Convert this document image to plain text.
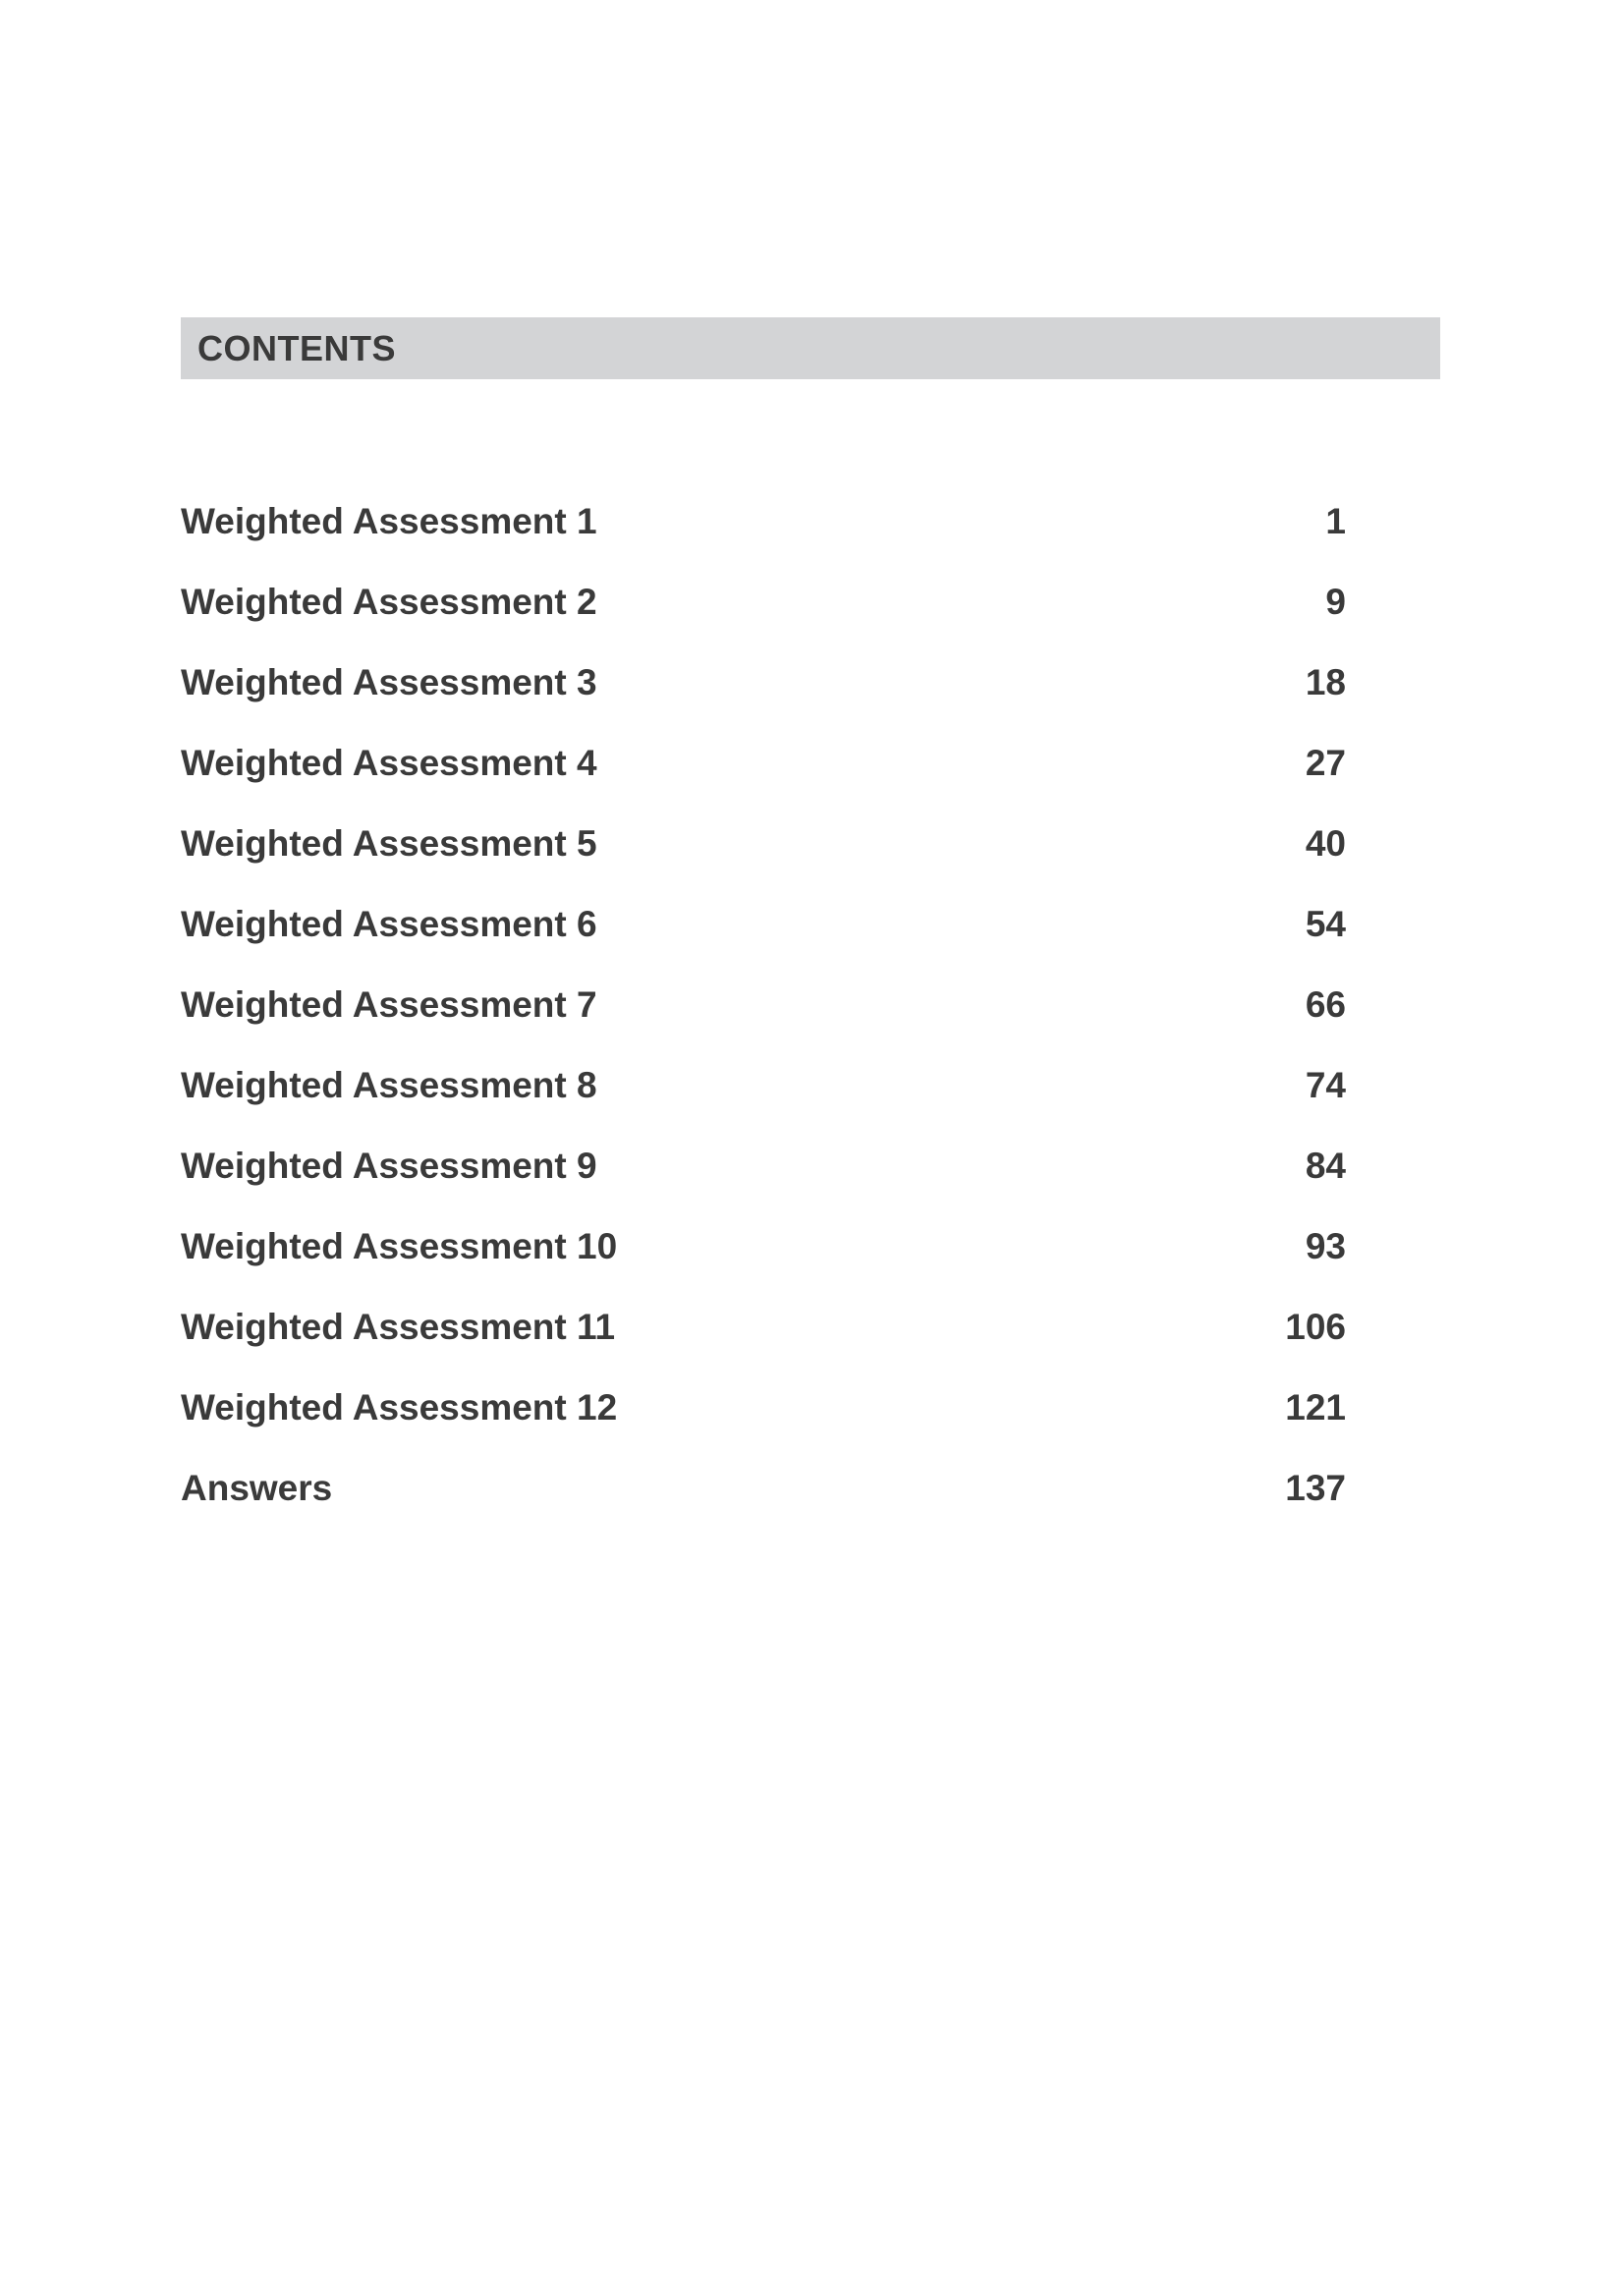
CONTENTS
Weighted Assessment 1	1
Weighted Assessment 2	9
Weighted Assessment 3	18
Weighted Assessment 4	27
Weighted Assessment 5	40
Weighted Assessment 6	54
Weighted Assessment 7	66
Weighted Assessment 8	74
Weighted Assessment 9	84
Weighted Assessment 10	93
Weighted Assessment 11	106
Weighted Assessment 12	121
Answers	137
